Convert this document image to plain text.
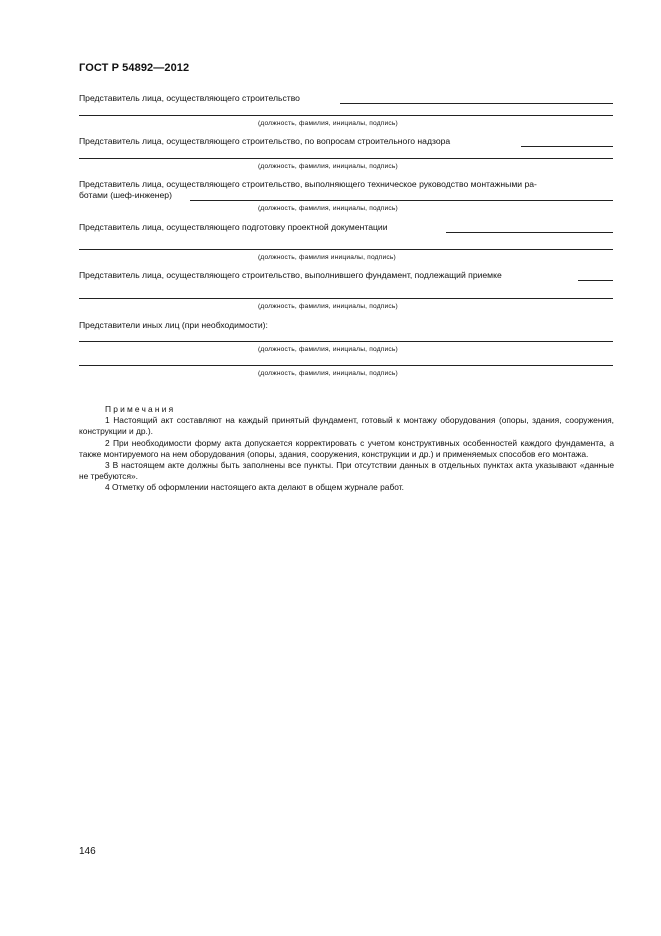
ГОСТ Р 54892—2012
Представитель лица, осуществляющего строительство
(должность, фамилия, инициалы, подпись)
Представитель лица, осуществляющего строительство, по вопросам строительного надзора
(должность, фамилия, инициалы, подпись)
Представитель лица, осуществляющего строительство, выполняющего техническое руководство монтажными ра-
ботами (шеф-инженер)
(должность, фамилия, инициалы, подпись)
Представитель лица, осуществляющего подготовку проектной документации
(должность, фамилия инициалы, подпись)
Представитель лица, осуществляющего строительство, выполнившего фундамент, подлежащий приемке
(должность, фамилия, инициалы, подпись)
Представители иных лиц (при необходимости):
(должность, фамилия, инициалы, подпись)
(должность, фамилия, инициалы, подпись)

Примечания

1 Настоящий акт составляют на каждый принятый фундамент, готовый к монтажу оборудования (опоры, здания, сооружения, конструкции и др.).

2 При необходимости форму акта допускается корректировать с учетом конструктивных особенностей каждого фундамента, а также монтируемого на нем оборудования (опоры, здания, сооружения, конструкции и др.) и применяемых способов его монтажа.

3 В настоящем акте должны быть заполнены все пункты. При отсутствии данных в отдельных пунктах акта указывают «данные не требуются».

4 Отметку об оформлении настоящего акта делают в общем журнале работ.

146
